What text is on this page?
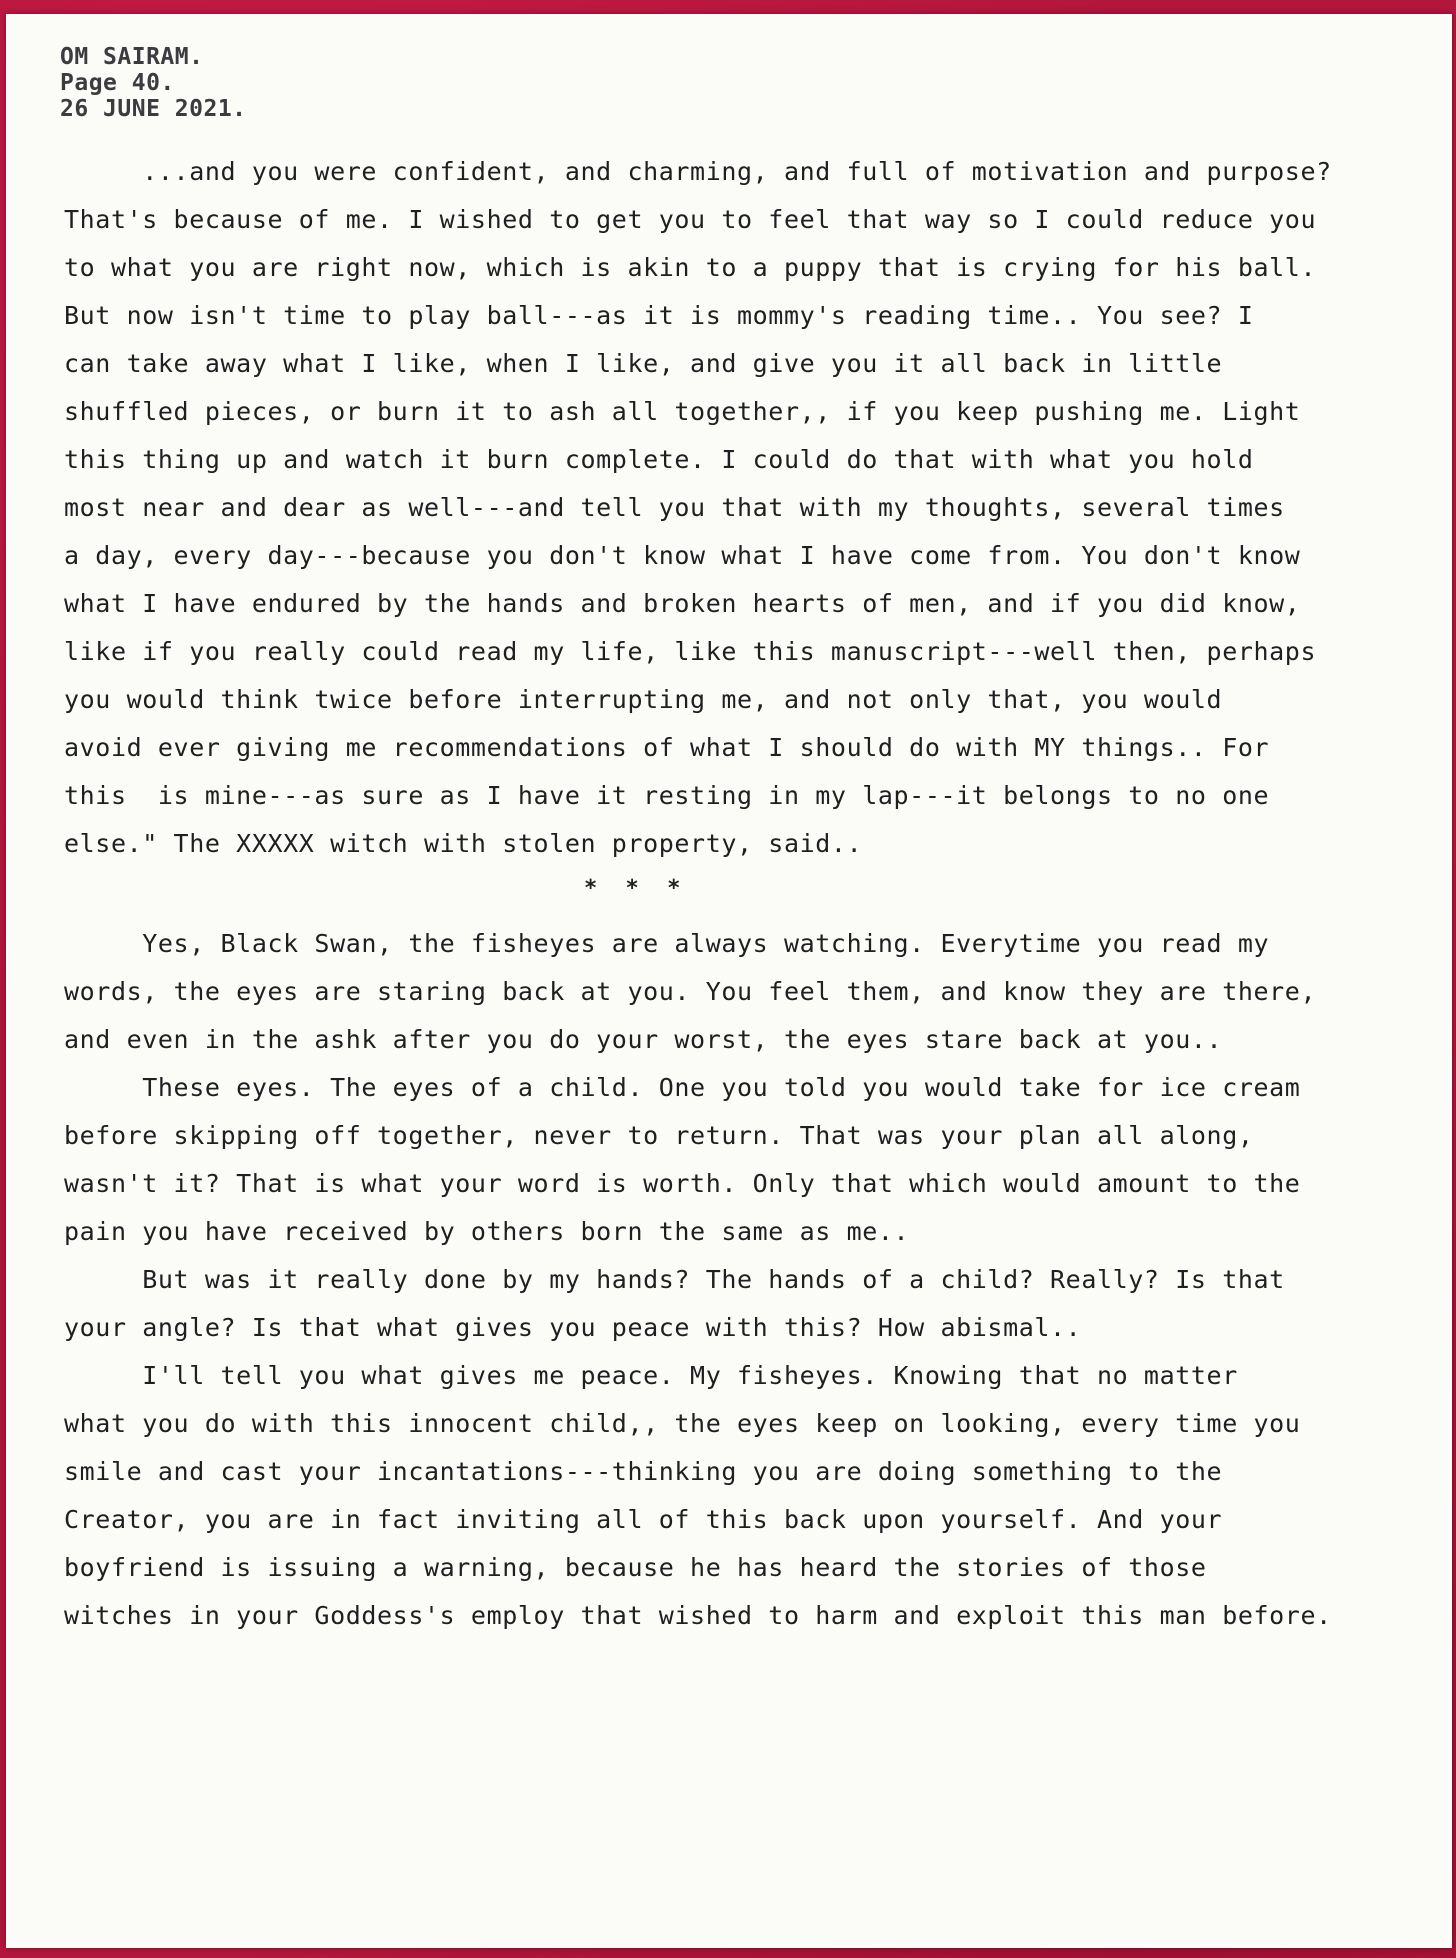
OM SAIRAM.
Page 40.
26 JUNE 2021.
...and you were confident, and charming, and full of motivation and purpose?
That's because of me. I wished to get you to feel that way so I could reduce you
to what you are right now, which is akin to a puppy that is crying for his ball.
But now isn't time to play ball---as it is mommy's reading time.. You see? I
can take away what I like, when I like, and give you it all back in little
shuffled pieces, or burn it to ash all together,, if you keep pushing me. Light
this thing up and watch it burn complete. I could do that with what you hold
most near and dear as well---and tell you that with my thoughts, several times
a day, every day---because you don't know what I have come from. You don't know
what I have endured by the hands and broken hearts of men, and if you did know,
like if you really could read my life, like this manuscript---well then, perhaps
you would think twice before interrupting me, and not only that, you would
avoid ever giving me recommendations of what I should do with MY things.. For
this  is mine---as sure as I have it resting in my lap---it belongs to no one
else." The XXXXX witch with stolen property, said..
*  *  *
Yes, Black Swan, the fisheyes are always watching. Everytime you read my
words, the eyes are staring back at you. You feel them, and know they are there,
and even in the ashk after you do your worst, the eyes stare back at you..
These eyes. The eyes of a child. One you told you would take for ice cream
before skipping off together, never to return. That was your plan all along,
wasn't it? That is what your word is worth. Only that which would amount to the
pain you have received by others born the same as me..
But was it really done by my hands? The hands of a child? Really? Is that
your angle? Is that what gives you peace with this? How abismal..
I'll tell you what gives me peace. My fisheyes. Knowing that no matter
what you do with this innocent child,, the eyes keep on looking, every time you
smile and cast your incantations---thinking you are doing something to the
Creator, you are in fact inviting all of this back upon yourself. And your
boyfriend is issuing a warning, because he has heard the stories of those
witches in your Goddess's employ that wished to harm and exploit this man before.
